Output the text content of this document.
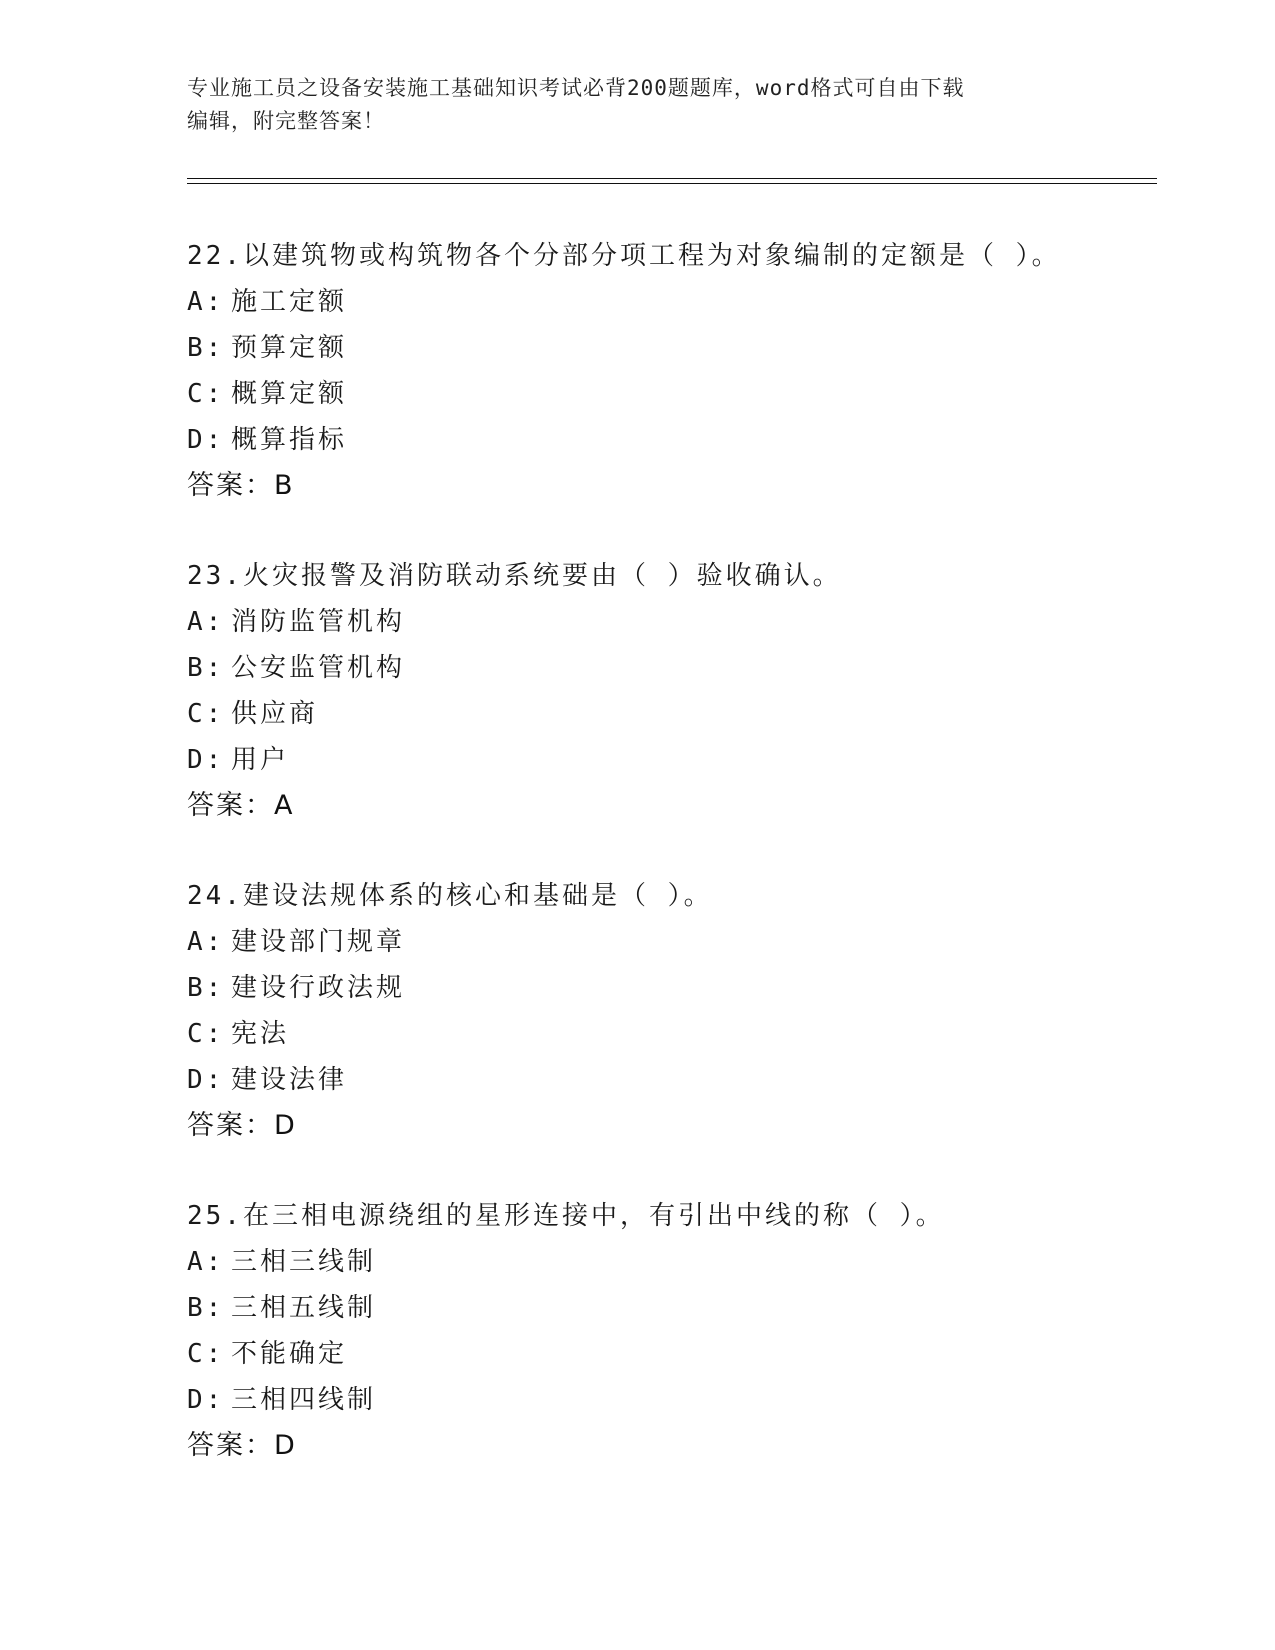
专业施工员之设备安装施工基础知识考试必背200题题库，word格式可自由下载
编辑，附完整答案！
22.以建筑物或构筑物各个分部分项工程为对象编制的定额是（ ）。
A: 施工定额
B: 预算定额
C: 概算定额
D: 概算指标
答案：B
23.火灾报警及消防联动系统要由（ ）验收确认。
A: 消防监管机构
B: 公安监管机构
C: 供应商
D: 用户
答案：A
24.建设法规体系的核心和基础是（ ）。
A: 建设部门规章
B: 建设行政法规
C: 宪法
D: 建设法律
答案：D
25.在三相电源绕组的星形连接中，有引出中线的称（ ）。
A: 三相三线制
B: 三相五线制
C: 不能确定
D: 三相四线制
答案：D
